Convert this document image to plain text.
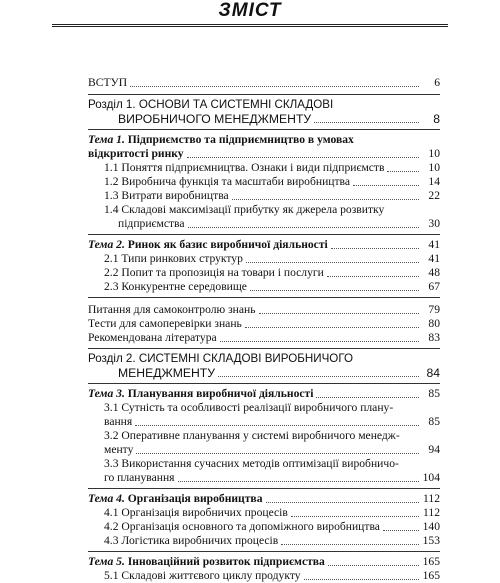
ЗМІСТ
ВСТУП	6
Розділ 1. ОСНОВИ ТА СИСТЕМНІ СКЛАДОВІ
ВИРОБНИЧОГО МЕНЕДЖМЕНТУ	8
Тема 1. Підприємство та підприємництво в умовах
відкритості ринку	10
1.1 Поняття підприємництва. Ознаки і види підприємств	10
1.2 Виробнича функція та масштаби виробництва	14
1.3 Витрати виробництва	22
1.4 Складові максимізації прибутку як джерела розвитку
підприємства	30
Тема 2. Ринок як базис виробничої діяльності	41
2.1 Типи ринкових структур	41
2.2 Попит та пропозиція на товари і послуги	48
2.3 Конкурентне середовище	67
Питання для самоконтролю знань	79
Тести для самоперевірки знань	80
Рекомендована література	83
Розділ 2. СИСТЕМНІ СКЛАДОВІ ВИРОБНИЧОГО
МЕНЕДЖМЕНТУ	84
Тема 3. Планування виробничої діяльності	85
3.1 Сутність та особливості реалізації виробничого плану-
вання	85
3.2 Оперативне планування у системі виробничого менедж-
менту	94
3.3 Використання сучасних методів оптимізації виробничо-
го планування	104
Тема 4. Організація виробництва	112
4.1 Організація виробничих процесів	112
4.2 Організація основного та допоміжного виробництва	140
4.3 Логістика виробничих процесів	153
Тема 5. Інноваційний розвиток підприємства	165
5.1 Складові життєвого циклу продукту	165
